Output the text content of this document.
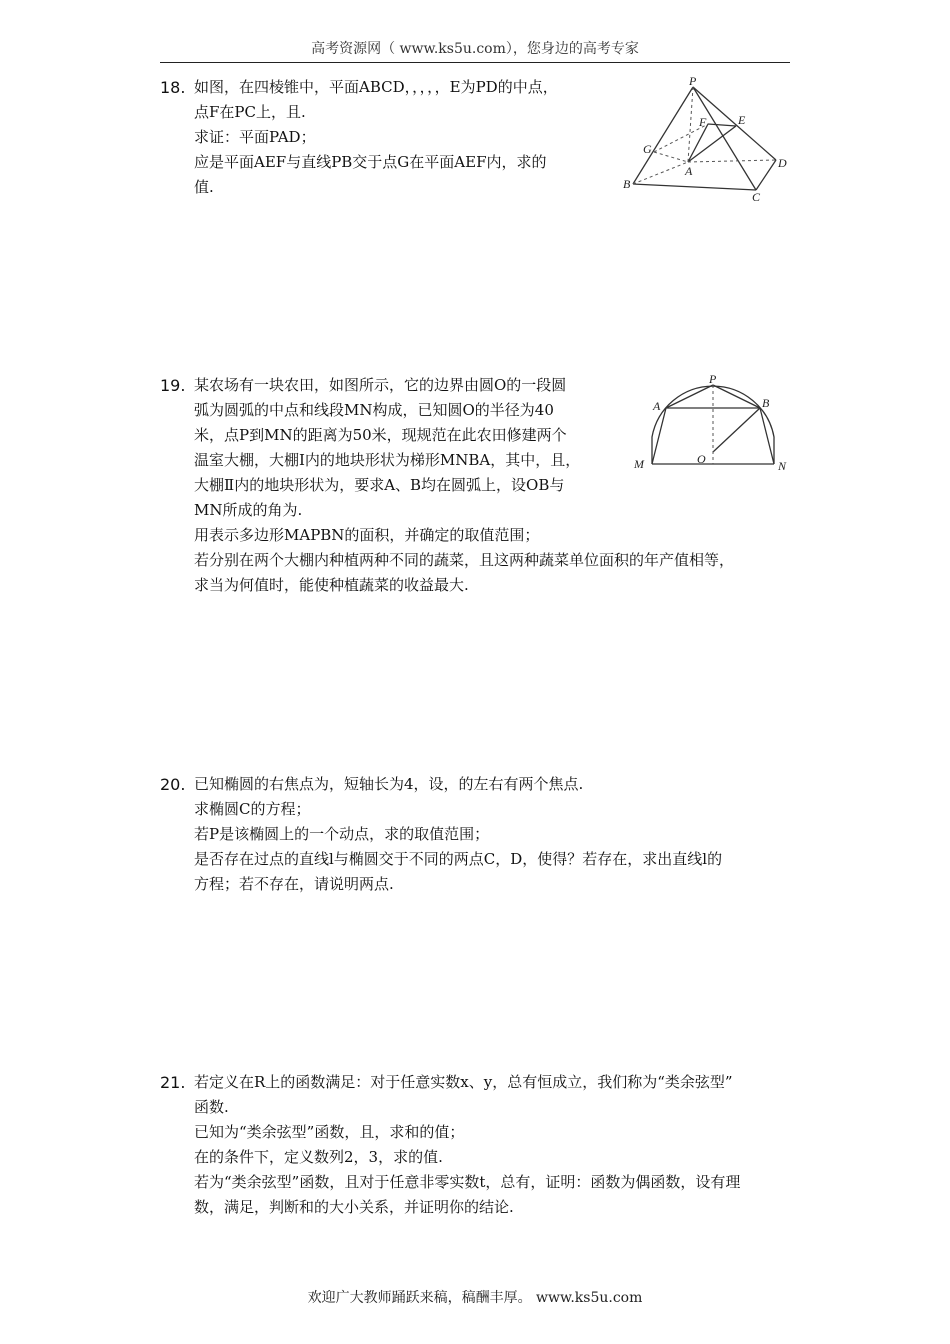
高考资源网（ www.ks5u.com），您身边的高考专家
18. 如图，在四棱锥中，平面ABCD，，，，，E为PD的中点，
点F在PC上，且.
求证：平面PAD；
应是平面AEF与直线PB交于点G在平面AEF内，求的
值.
P
F	E
G
A
B
C
D
19. 某农场有一块农田，如图所示，它的边界由圆O的一段圆
弧为圆弧的中点和线段MN构成，已知圆O的半径为40
米，点P到MN的距离为50米，现规范在此农田修建两个
温室大棚，大棚Ⅰ内的地块形状为梯形MNBA，其中，且，
大棚Ⅱ内的地块形状为，要求A、B均在圆弧上，设OB与
MN所成的角为.
用表示多边形MAPBN的面积，并确定的取值范围；
若分别在两个大棚内种植两种不同的蔬菜，且这两种蔬菜单位面积的年产值相等，
求当为何值时，能使种植蔬菜的收益最大.
P
A	B
M	O	N
20. 已知椭圆的右焦点为，短轴长为4，设，的左右有两个焦点.
求椭圆C的方程；
若P是该椭圆上的一个动点，求的取值范围；
是否存在过点的直线l与椭圆交于不同的两点C，D，使得？若存在，求出直线l的
方程；若不存在，请说明两点.
21. 若定义在R上的函数满足：对于任意实数x、y，总有恒成立，我们称为“类余弦型”
函数.
已知为“类余弦型”函数，且，求和的值；
在的条件下，定义数列2，3，求的值.
若为“类余弦型”函数，且对于任意非零实数t，总有，证明：函数为偶函数，设有理
数，满足，判断和的大小关系，并证明你的结论.
欢迎广大教师踊跃来稿，稿酬丰厚。 www.ks5u.com
